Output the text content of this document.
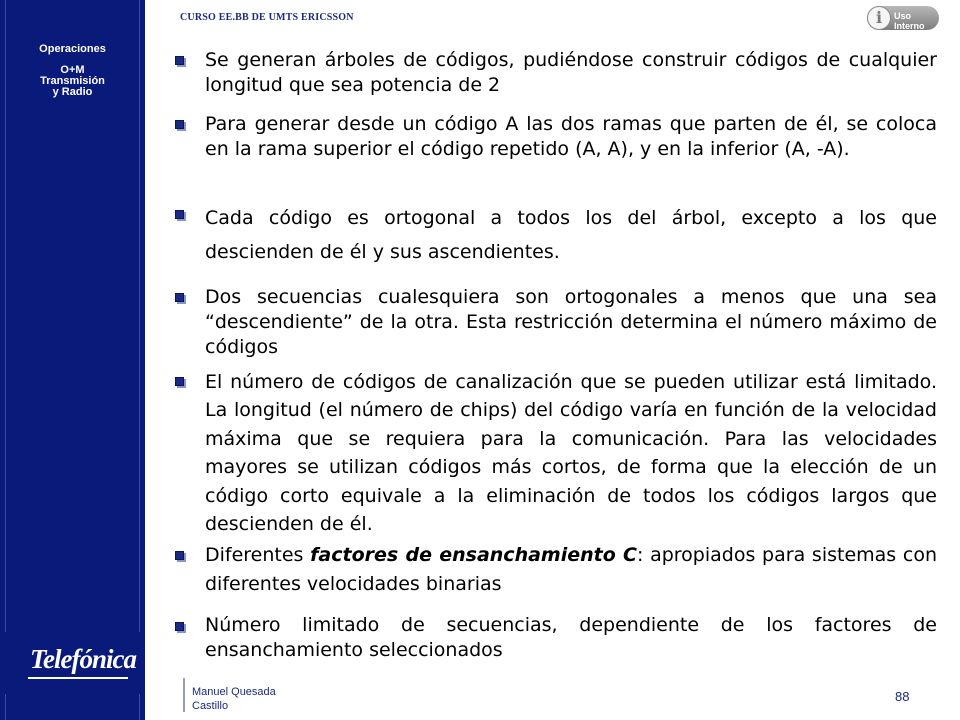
Operaciones
O+M
Transmisión
y Radio
Telefónica
CURSO EE.BB DE UMTS ERICSSON	i	Uso Interno

Se generan árboles de códigos, pudiéndose construir códigos de cualquier longitud que sea potencia de 2

Para generar desde un código A las dos ramas que parten de él, se coloca en la rama superior el código repetido (A, A), y en la inferior (A, -A).

Cada código es ortogonal a todos los del árbol, excepto a los que descienden de él y sus ascendientes.

Dos secuencias cualesquiera son ortogonales a menos que una sea “descendiente” de la otra. Esta restricción determina el número máximo de códigos

El número de códigos de canalización que se pueden utilizar está limitado. La longitud (el número de chips) del código varía en función de la velocidad máxima que se requiera para la comunicación. Para las velocidades mayores se utilizan códigos más cortos, de forma que la elección de un código corto equivale a la eliminación de todos los códigos largos que descienden de él.

Diferentes factores de ensanchamiento C: apropiados para sistemas con diferentes velocidades binarias

Número limitado de secuencias, dependiente de los factores de ensanchamiento seleccionados

Manuel Quesada
Castillo
88
